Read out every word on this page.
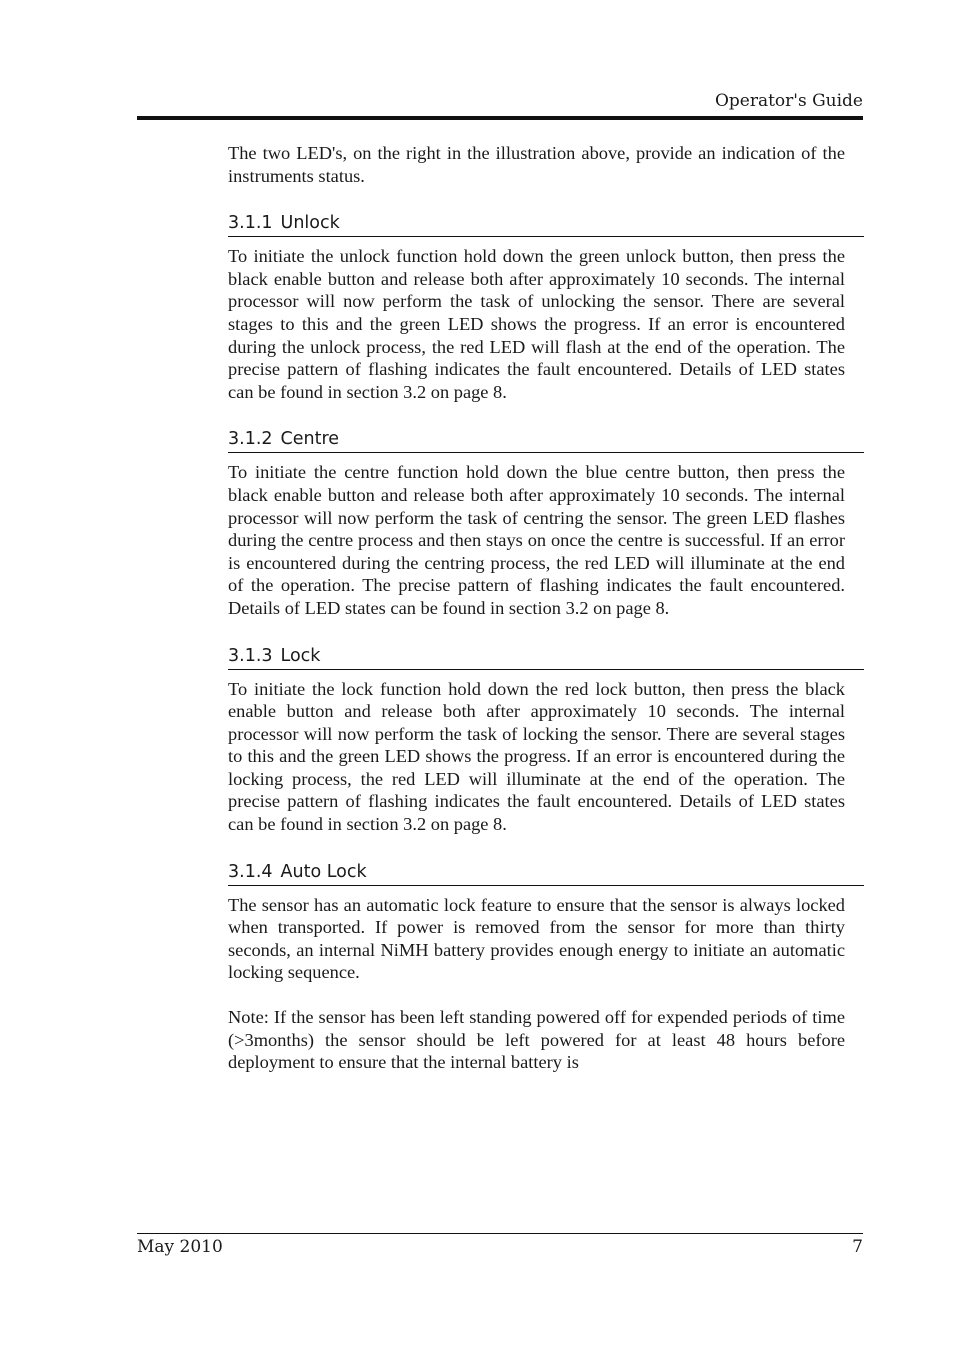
Operator's Guide

The two LED's, on the right in the illustration above, provide an indication of the instruments status.

3.1.1 Unlock

To initiate the unlock function hold down the green unlock button, then press the black enable button and release both after approximately 10 seconds. The internal processor will now perform the task of unlocking the sensor. There are several stages to this and the green LED shows the progress. If an error is encountered during the unlock process, the red LED will flash at the end of the operation. The precise pattern of flashing indicates the fault encountered. Details of LED states can be found in section 3.2 on page 8.

3.1.2 Centre

To initiate the centre function hold down the blue centre button, then press the black enable button and release both after approximately 10 seconds. The internal processor will now perform the task of centring the sensor. The green LED flashes during the centre process and then stays on once the centre is successful. If an error is encountered during the centring process, the red LED will illuminate at the end of the operation. The precise pattern of flashing indicates the fault encountered. Details of LED states can be found in section 3.2 on page 8.

3.1.3 Lock

To initiate the lock function hold down the red lock button, then press the black enable button and release both after approximately 10 seconds. The internal processor will now perform the task of locking the sensor. There are several stages to this and the green LED shows the progress. If an error is encountered during the locking process, the red LED will illuminate at the end of the operation. The precise pattern of flashing indicates the fault encountered. Details of LED states can be found in section 3.2 on page 8.

3.1.4 Auto Lock

The sensor has an automatic lock feature to ensure that the sensor is always locked when transported. If power is removed from the sensor for more than thirty seconds, an internal NiMH battery provides enough energy to initiate an automatic locking sequence.

Note: If the sensor has been left standing powered off for expended periods of time (>3months) the sensor should be left powered for at least 48 hours before deployment to ensure that the internal battery is

May 2010	7
